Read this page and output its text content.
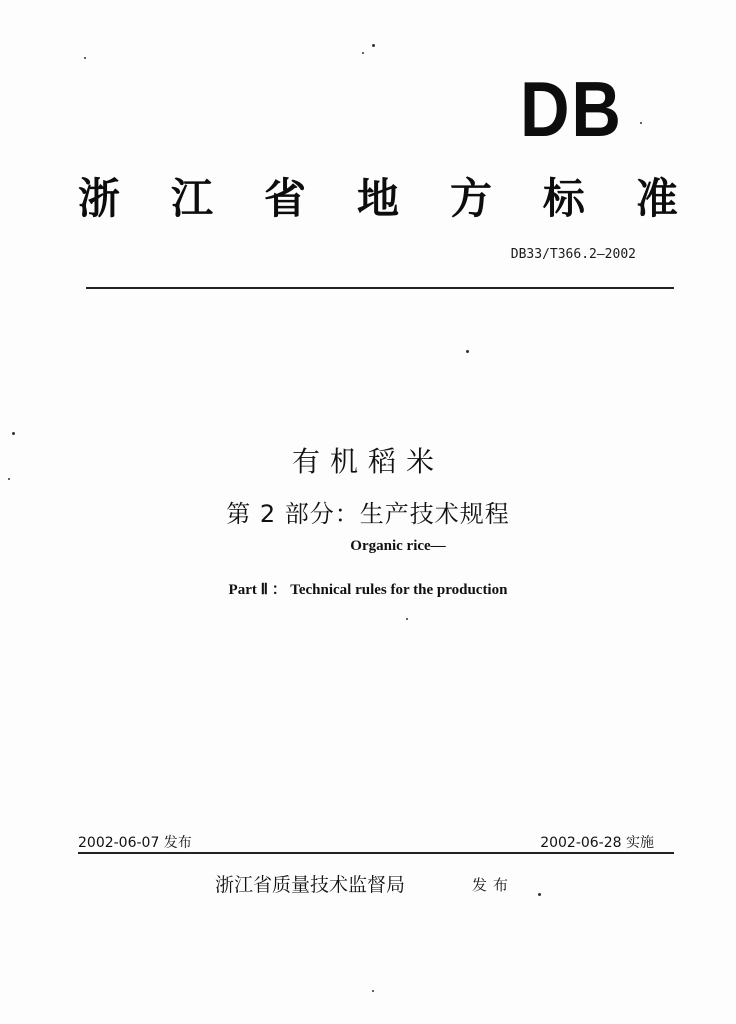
DB
浙 江 省 地 方 标 准
DB33/T366.2—2002
有机稻米
第 2 部分：生产技术规程
Organic rice—
Part Ⅱ ： Technical rules for the production
2002-06-07 发布	2002-06-28 实施
浙江省质量技术监督局	发布
